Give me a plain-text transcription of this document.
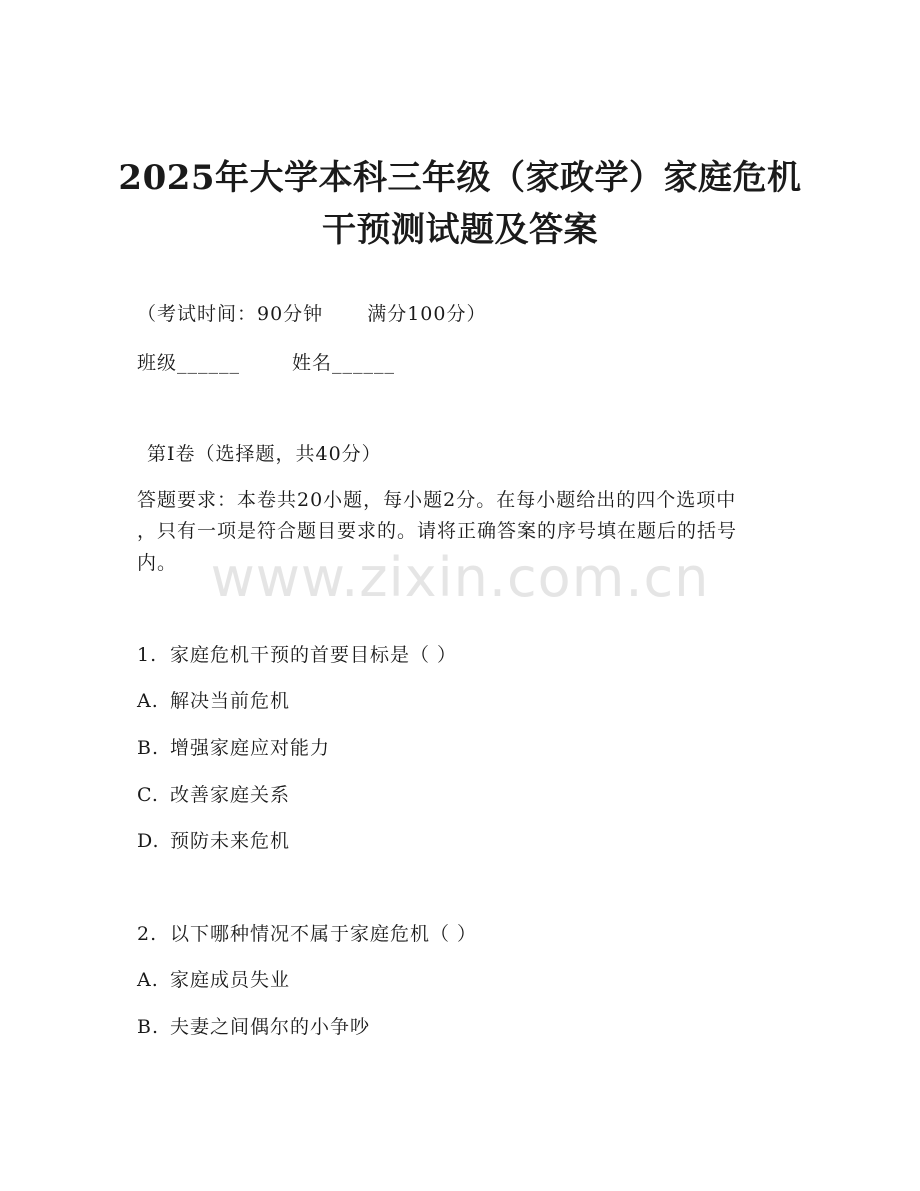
2025年大学本科三年级（家政学）家庭危机
干预测试题及答案
（考试时间：90分钟 满分100分）
班级______	姓名______
第I卷（选择题，共40分）
答题要求：本卷共20小题，每小题2分。在每小题给出的四个选项中
，只有一项是符合题目要求的。请将正确答案的序号填在题后的括号
内。
1. 家庭危机干预的首要目标是（ ）
A. 解决当前危机
B. 增强家庭应对能力
C. 改善家庭关系
D. 预防未来危机
2. 以下哪种情况不属于家庭危机（ ）
A. 家庭成员失业
B. 夫妻之间偶尔的小争吵
www.zixin.com.cn
